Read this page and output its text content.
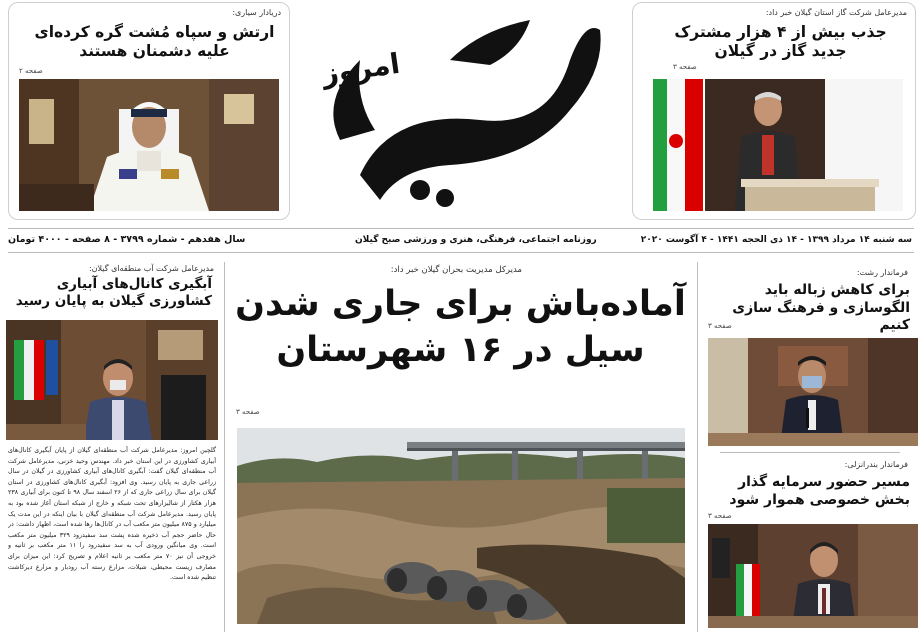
دریادار سیاری:
ارتش و سپاه مُشت گره کرده‌ای علیه دشمنان هستند
صفحه ۲	امروز
مدیرعامل شرکت گاز استان گیلان خبر داد:
جذب بیش از ۴ هزار مشترک جدید گاز در گیلان
صفحه ۳
سه شنبه ۱۴ مرداد ۱۳۹۹ - ۱۴ ذی الحجه ۱۴۴۱ - ۴ آگوست ۲۰۲۰
روزنامه اجتماعی، فرهنگی، هنری و ورزشی صبح گیلان
سال هفدهم - شماره ۳۷۹۹ - ۸ صفحه - ۴۰۰۰ تومان
مدیرعامل شرکت آب منطقه‌ای گیلان:
آبگیری کانال‌های آبیاری کشاورزی گیلان به پایان رسید
گلچین امروز: مدیرعامل شرکت آب منطقه‌ای گیلان از پایان آبگیری کانال‌های آبیاری کشاورزی در این استان خبر داد. مهندس وحید خزنی، مدیرعامل شرکت آب منطقه‌ای گیلان گفت: آبگیری کانال‌های آبیاری کشاورزی در گیلان در سال زراعی جاری به پایان رسید. وی افزود: آبگیری کانال‌های کشاورزی در استان گیلان برای سال زراعی جاری که از ۲۶ اسفند سال ۹۸ تا کنون برای آبیاری ۲۳۸ هزار هکتار از شالیزارهای تحت شبکه و خارج از شبکه استان آغاز شده بود به پایان رسید. مدیرعامل شرکت آب منطقه‌ای گیلان با بیان اینکه در این مدت یک میلیارد و ۸۷۵ میلیون متر مکعب آب در کانال‌ها رها شده است، اظهار داشت: در حال حاضر حجم آب ذخیره شده پشت سد سفیدرود ۳۲۹ میلیون متر مکعب است. وی میانگین ورودی آب به سد سفیدرود را ۱۱ متر مکعب بر ثانیه و خروجی آن نیز ۷۰ متر مکعب بر ثانیه اعلام و تصریح کرد: این میزان برای مصارف زیست محیطی، شیلات، مزارع رسته آب رودبار و مزارع دیرکاشت تنظیم شده است.
مدیرکل مدیریت بحران گیلان خبر داد:
آماده‌باش برای جاری شدن سیل در ۱۶ شهرستان
صفحه ۳
فرماندار رشت:
برای کاهش زباله باید الگوسازی و فرهنگ سازی کنیم
صفحه ۳
فرماندار بندرانزلی:
مسیر حضور سرمایه گذار بخش خصوصی هموار شود
صفحه ۳
